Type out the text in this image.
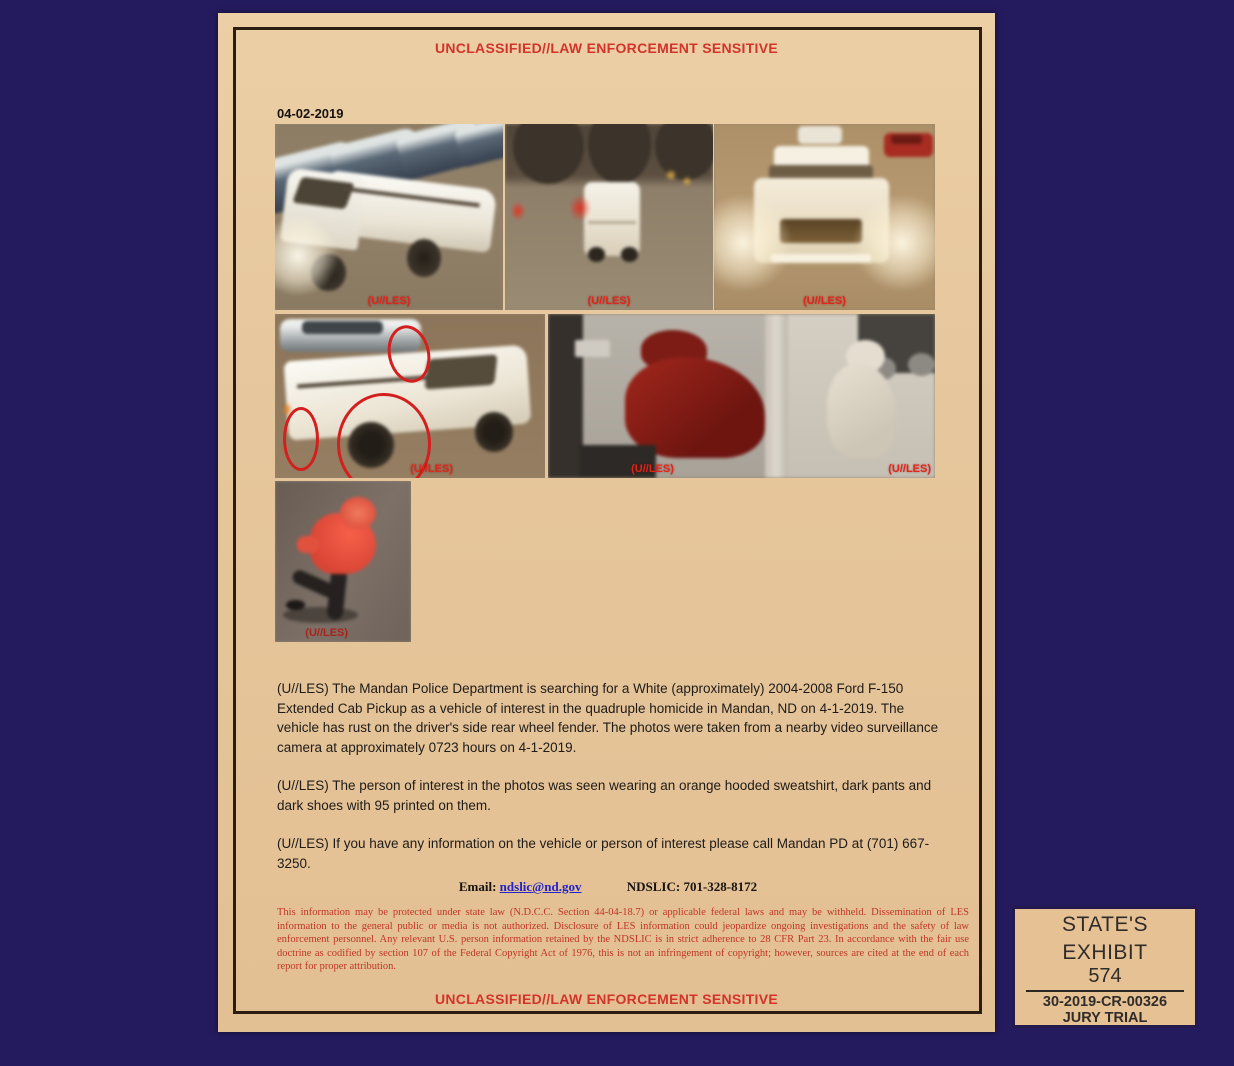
UNCLASSIFIED//LAW ENFORCEMENT SENSITIVE
04-02-2019
(U//LES)	(U//LES)	(U//LES)
(U//LES)	(U//LES)	(U//LES)
(U//LES)

(U//LES) The Mandan Police Department is searching for a White (approximately) 2004-2008 Ford F-150 Extended Cab Pickup as a vehicle of interest in the quadruple homicide in Mandan, ND on 4-1-2019. The vehicle has rust on the driver's side rear wheel fender. The photos were taken from a nearby video surveillance camera at approximately 0723 hours on 4-1-2019.

(U//LES) The person of interest in the photos was seen wearing an orange hooded sweatshirt, dark pants and dark shoes with 95 printed on them.

(U//LES) If you have any information on the vehicle or person of interest please call Mandan PD at (701) 667-3250.

Email: ndslic@nd.gov	NDSLIC: 701-328-8172
This information may be protected under state law (N.D.C.C. Section 44-04-18.7) or applicable federal laws and may be withheld. Dissemination of LES information to the general public or media is not authorized. Disclosure of LES information could jeopardize ongoing investigations and the safety of law enforcement personnel. Any relevant U.S. person information retained by the NDSLIC is in strict adherence to 28 CFR Part 23. In accordance with the fair use doctrine as codified by section 107 of the Federal Copyright Act of 1976, this is not an infringement of copyright; however, sources are cited at the end of each report for proper attribution.
UNCLASSIFIED//LAW ENFORCEMENT SENSITIVE
STATE'S
EXHIBIT
574
30-2019-CR-00326
JURY TRIAL
